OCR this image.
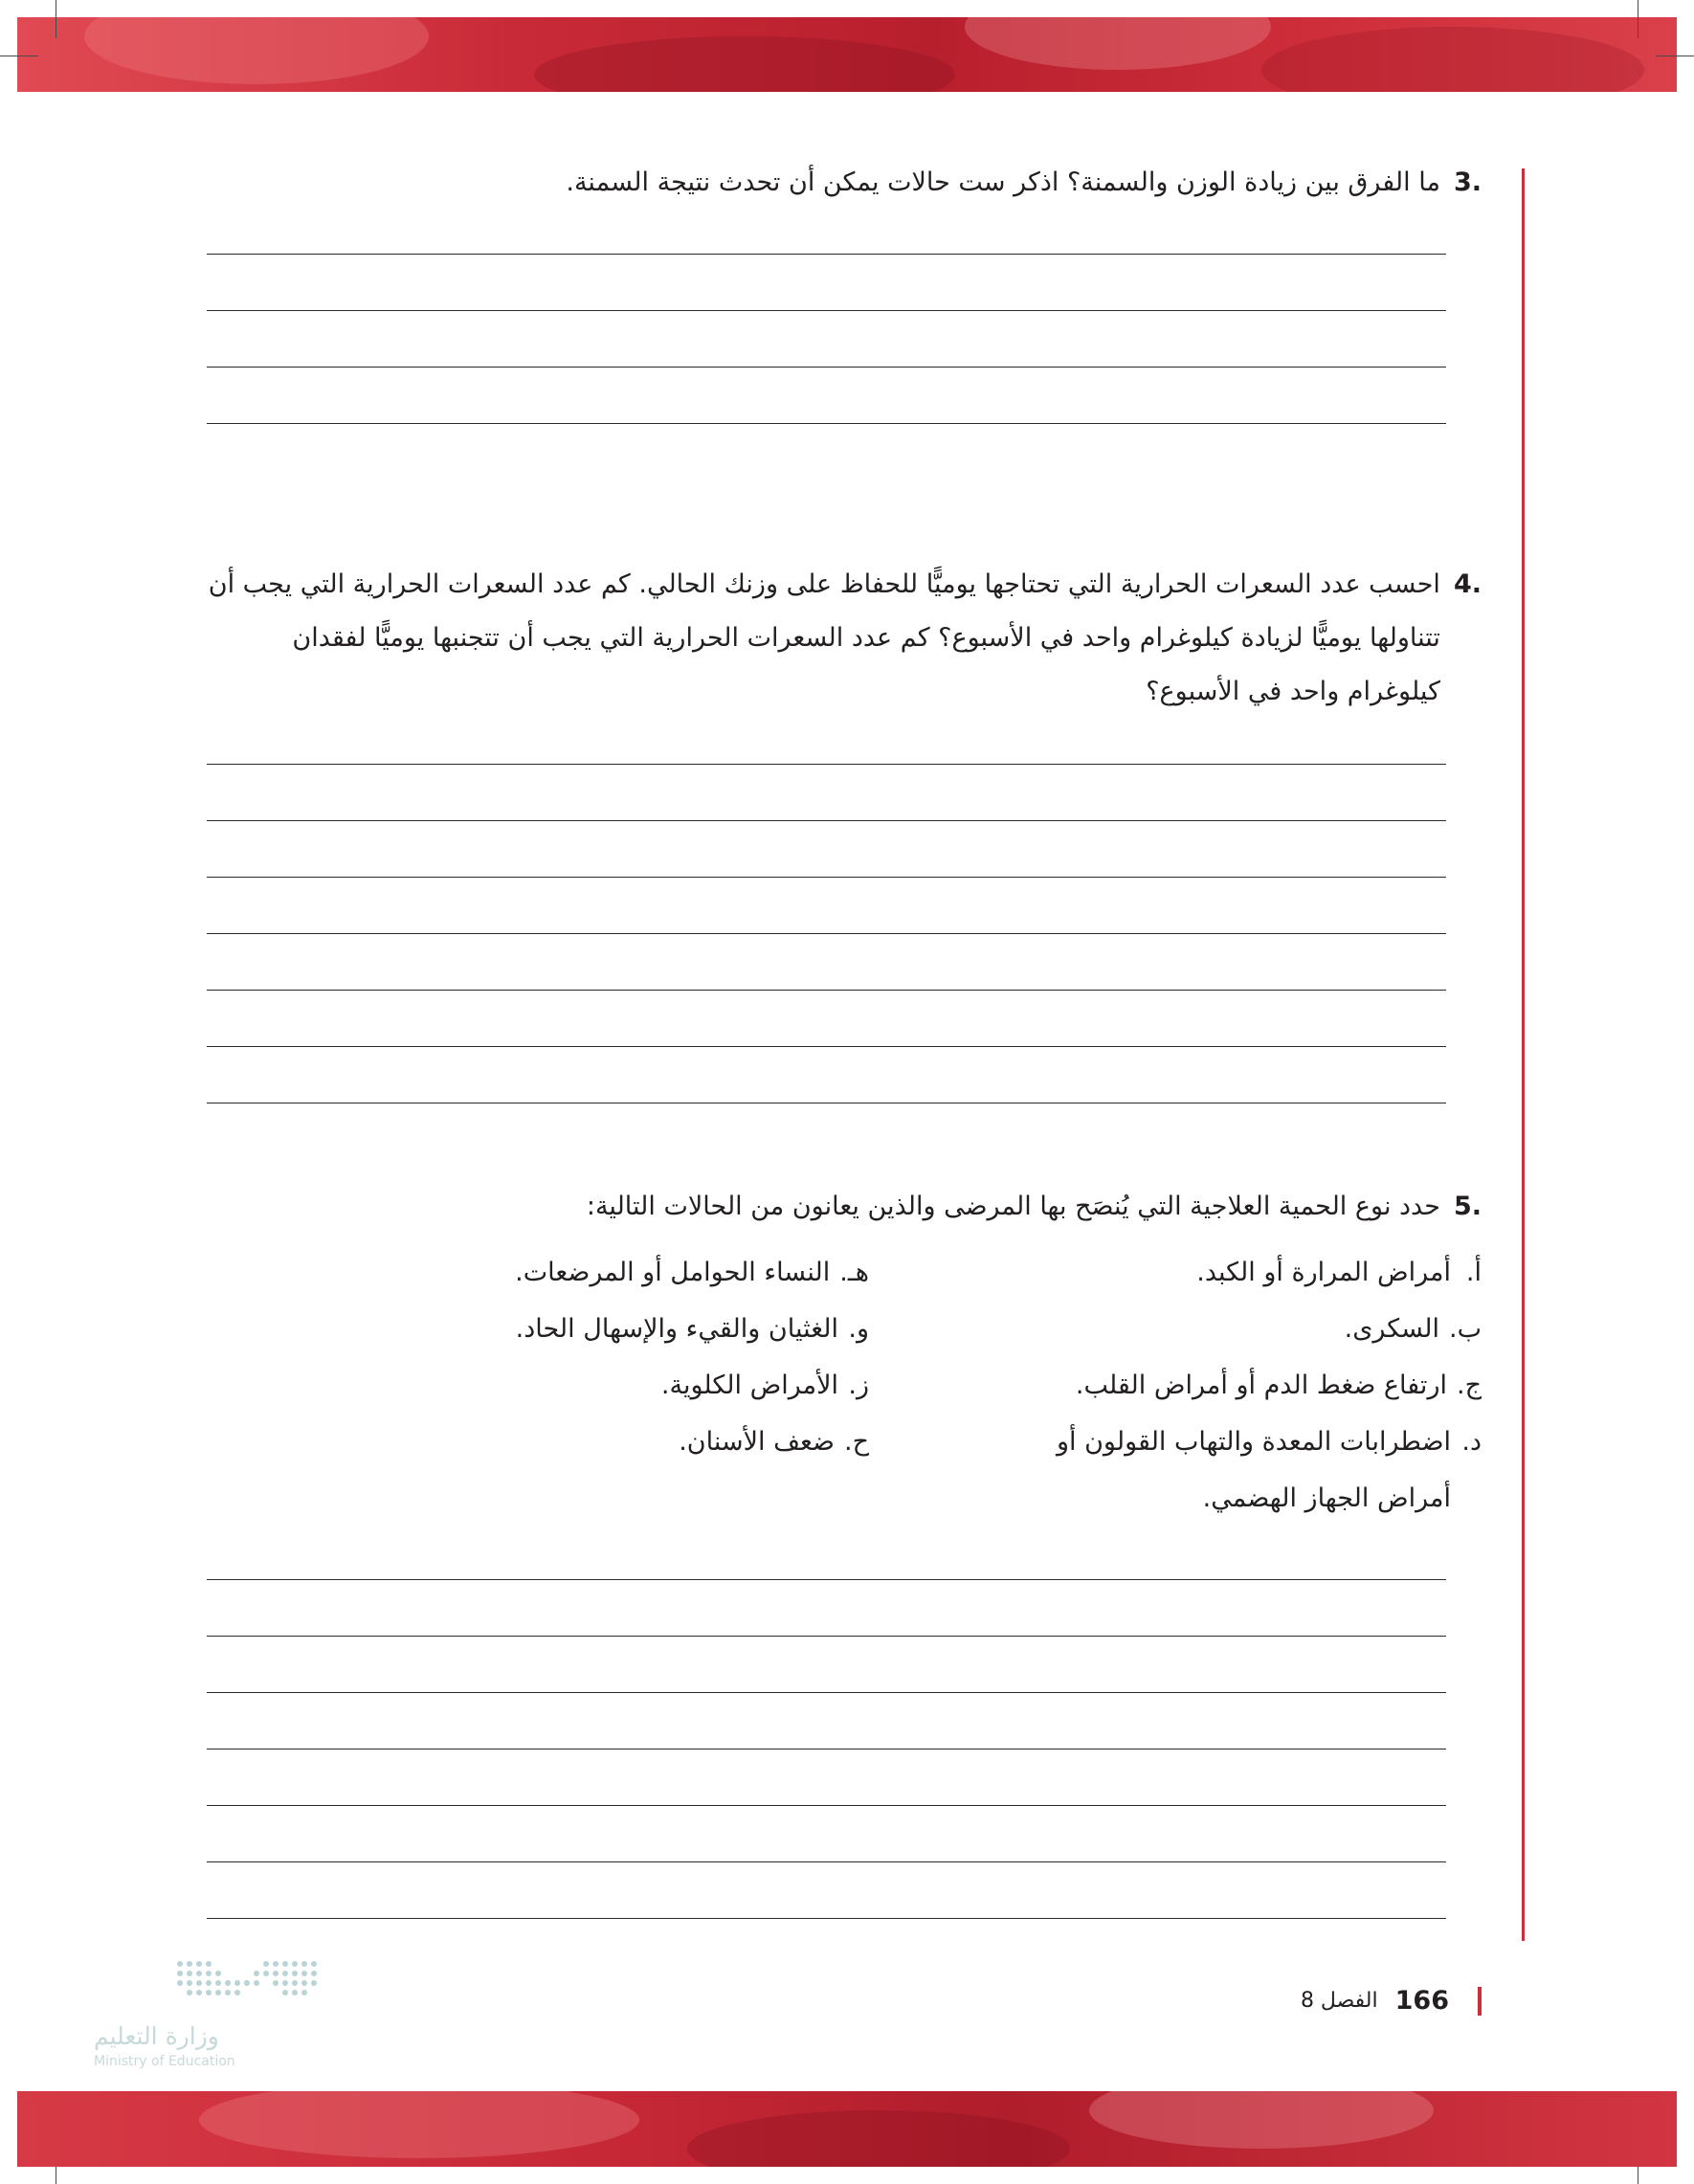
.3
ما الفرق بين زيادة الوزن والسمنة؟ اذكر ست حالات يمكن أن تحدث نتيجة السمنة.
.4
احسب عدد السعرات الحرارية التي تحتاجها يوميًّا للحفاظ على وزنك الحالي. كم عدد السعرات الحرارية التي يجب أن تتناولها يوميًّا لزيادة كيلوغرام واحد في الأسبوع؟ كم عدد السعرات الحرارية التي يجب أن تتجنبها يوميًّا لفقدان كيلوغرام واحد في الأسبوع؟
.5
حدد نوع الحمية العلاجية التي يُنصَح بها المرضى والذين يعانون من الحالات التالية:
أ.
أمراض المرارة أو الكبد.
ب.
السكرى.
ج.
ارتفاع ضغط الدم أو أمراض القلب.
د.
اضطرابات المعدة والتهاب القولون أو أمراض الجهاز الهضمي.
هـ.
النساء الحوامل أو المرضعات.
و.
الغثيان والقيء والإسهال الحاد.
ز.
الأمراض الكلوية.
ح.
ضعف الأسنان.
وزارة التعليم
Ministry of Education
166
الفصل 8
